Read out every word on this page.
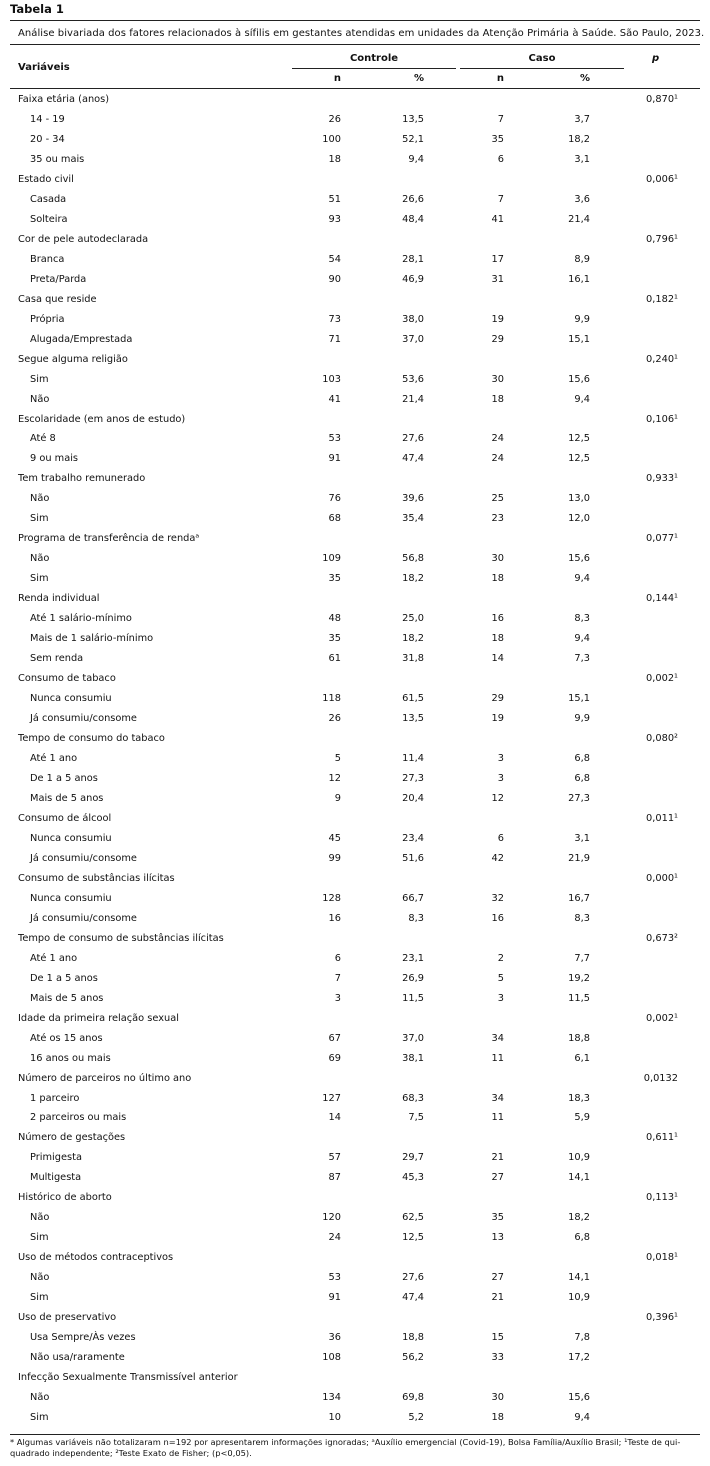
Tabela 1
Análise bivariada dos fatores relacionados à sífilis em gestantes atendidas em unidades da Atenção Primária à Saúde. São Paulo, 2023.
Variáveis
Controle	Caso	p
n	%	n	%
Faixa etária (anos)	0,870¹
14 - 19	26	13,5	7	3,7
20 - 34	100	52,1	35	18,2
35 ou mais	18	9,4	6	3,1
Estado civil	0,006¹
Casada	51	26,6	7	3,6
Solteira	93	48,4	41	21,4
Cor de pele autodeclarada	0,796¹
Branca	54	28,1	17	8,9
Preta/Parda	90	46,9	31	16,1
Casa que reside	0,182¹
Própria	73	38,0	19	9,9
Alugada/Emprestada	71	37,0	29	15,1
Segue alguma religião	0,240¹
Sim	103	53,6	30	15,6
Não	41	21,4	18	9,4
Escolaridade (em anos de estudo)	0,106¹
Até 8	53	27,6	24	12,5
9 ou mais	91	47,4	24	12,5
Tem trabalho remunerado	0,933¹
Não	76	39,6	25	13,0
Sim	68	35,4	23	12,0
Programa de transferência de rendaᵃ	0,077¹
Não	109	56,8	30	15,6
Sim	35	18,2	18	9,4
Renda individual	0,144¹
Até 1 salário-mínimo	48	25,0	16	8,3
Mais de 1 salário-mínimo	35	18,2	18	9,4
Sem renda	61	31,8	14	7,3
Consumo de tabaco	0,002¹
Nunca consumiu	118	61,5	29	15,1
Já consumiu/consome	26	13,5	19	9,9
Tempo de consumo do tabaco	0,080²
Até 1 ano	5	11,4	3	6,8
De 1 a 5 anos	12	27,3	3	6,8
Mais de 5 anos	9	20,4	12	27,3
Consumo de álcool	0,011¹
Nunca consumiu	45	23,4	6	3,1
Já consumiu/consome	99	51,6	42	21,9
Consumo de substâncias ilícitas	0,000¹
Nunca consumiu	128	66,7	32	16,7
Já consumiu/consome	16	8,3	16	8,3
Tempo de consumo de substâncias ilícitas	0,673²
Até 1 ano	6	23,1	2	7,7
De 1 a 5 anos	7	26,9	5	19,2
Mais de 5 anos	3	11,5	3	11,5
Idade da primeira relação sexual	0,002¹
Até os 15 anos	67	37,0	34	18,8
16 anos ou mais	69	38,1	11	6,1
Número de parceiros no último ano	0,0132
1 parceiro	127	68,3	34	18,3
2 parceiros ou mais	14	7,5	11	5,9
Número de gestações	0,611¹
Primigesta	57	29,7	21	10,9
Multigesta	87	45,3	27	14,1
Histórico de aborto	0,113¹
Não	120	62,5	35	18,2
Sim	24	12,5	13	6,8
Uso de métodos contraceptivos	0,018¹
Não	53	27,6	27	14,1
Sim	91	47,4	21	10,9
Uso de preservativo	0,396¹
Usa Sempre/Às vezes	36	18,8	15	7,8
Não usa/raramente	108	56,2	33	17,2
Infecção Sexualmente Transmissível anterior
Não	134	69,8	30	15,6
Sim	10	5,2	18	9,4
* Algumas variáveis não totalizaram n=192 por apresentarem informações ignoradas; ᵃAuxílio emergencial (Covid-19), Bolsa Família/Auxílio Brasil; ¹Teste de qui-quadrado independente; ²Teste Exato de Fisher; (p<0,05).
